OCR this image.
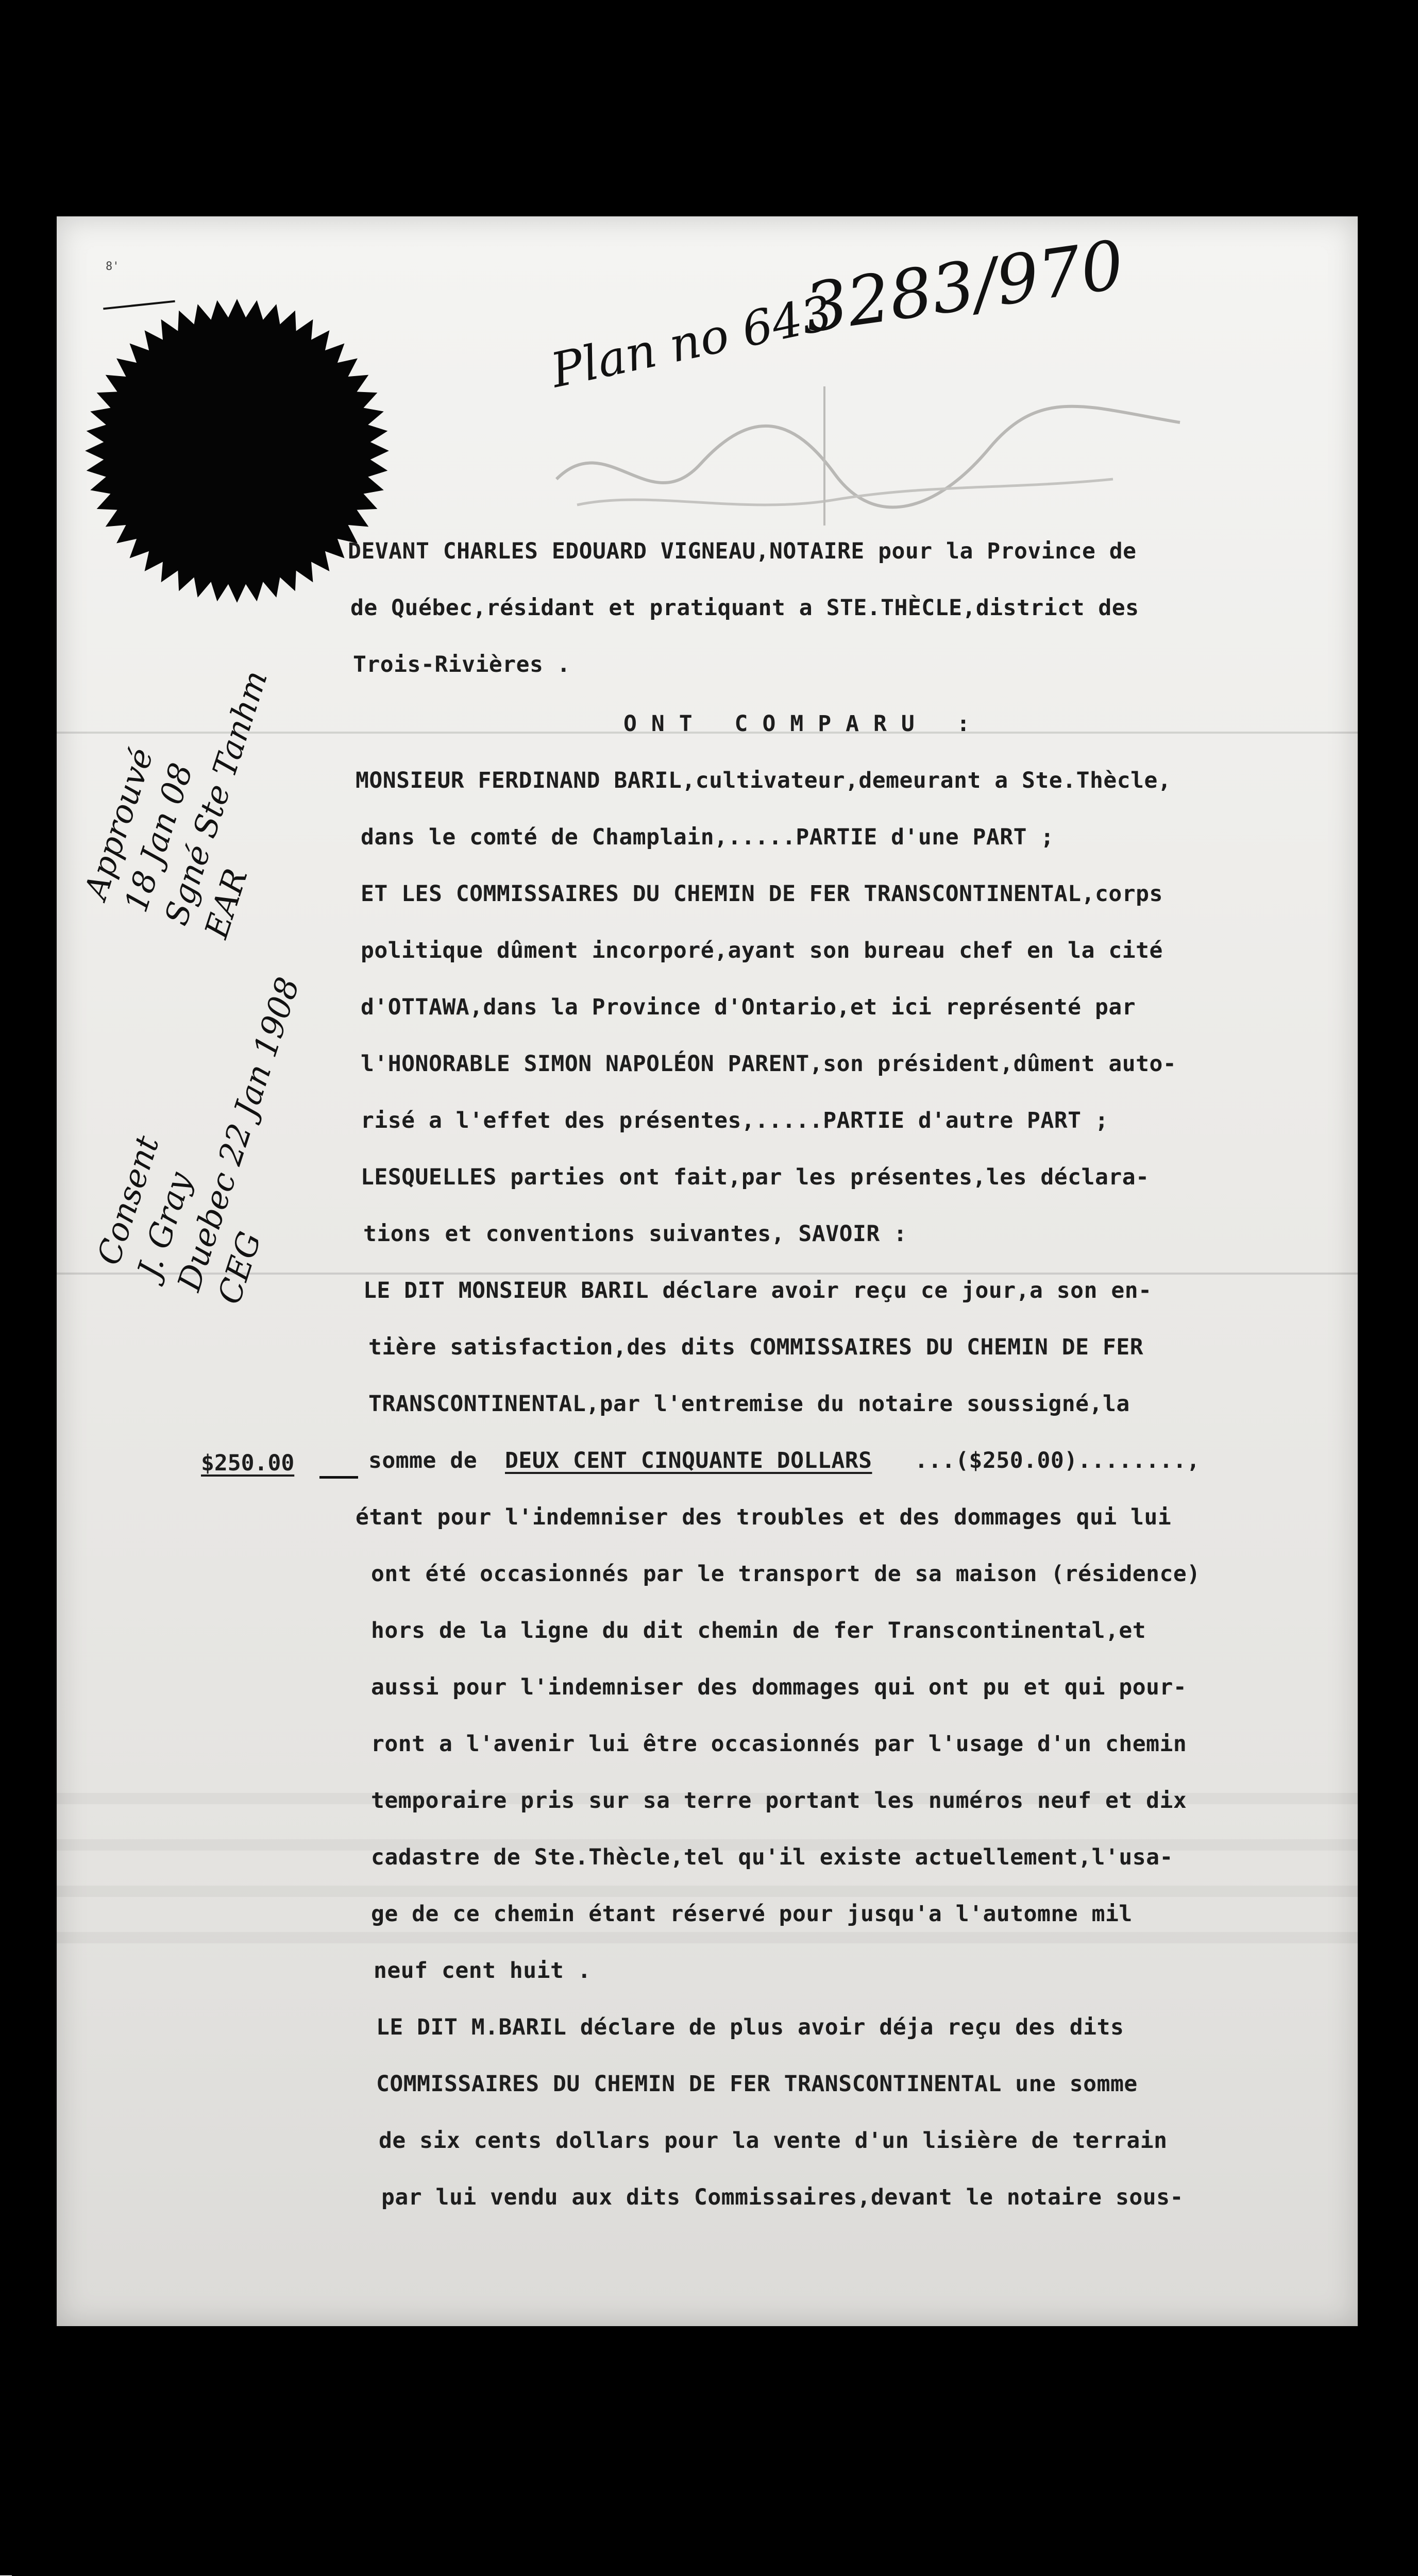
8'
Plan no 643
3283/970
Approuvé
18 Jan 08
Sgné Ste Tanhm
EAR
Consent
J. Gray
Duebec 22 Jan 1908
CEG
DEVANT CHARLES EDOUARD VIGNEAU,NOTAIRE pour la Province de
de Québec,résidant et pratiquant a STE.THÈCLE,district des
Trois-Rivières .
ONT COMPARU :
MONSIEUR FERDINAND BARIL,cultivateur,demeurant a Ste.Thècle,
dans le comté de Champlain,.....PARTIE d'une PART ;
ET LES COMMISSAIRES DU CHEMIN DE FER TRANSCONTINENTAL,corps
politique dûment incorporé,ayant son bureau chef en la cité
d'OTTAWA,dans la Province d'Ontario,et ici représenté par
l'HONORABLE SIMON NAPOLÉON PARENT,son président,dûment auto-
risé a l'effet des présentes,.....PARTIE d'autre PART ;
LESQUELLES parties ont fait,par les présentes,les déclara-
tions et conventions suivantes, SAVOIR :
LE DIT MONSIEUR BARIL déclare avoir reçu ce jour,a son en-
tière satisfaction,des dits COMMISSAIRES DU CHEMIN DE FER
TRANSCONTINENTAL,par l'entremise du notaire soussigné,la
$250.00	somme de DEUX CENT CINQUANTE DOLLARS ...($250.00)........,
étant pour l'indemniser des troubles et des dommages qui lui
ont été occasionnés par le transport de sa maison (résidence)
hors de la ligne du dit chemin de fer Transcontinental,et
aussi pour l'indemniser des dommages qui ont pu et qui pour-
ront a l'avenir lui être occasionnés par l'usage d'un chemin
temporaire pris sur sa terre portant les numéros neuf et dix
cadastre de Ste.Thècle,tel qu'il existe actuellement,l'usa-
ge de ce chemin étant réservé pour jusqu'a l'automne mil
neuf cent huit .
LE DIT M.BARIL déclare de plus avoir déja reçu des dits
COMMISSAIRES DU CHEMIN DE FER TRANSCONTINENTAL une somme
de six cents dollars pour la vente d'un lisière de terrain
par lui vendu aux dits Commissaires,devant le notaire sous-
